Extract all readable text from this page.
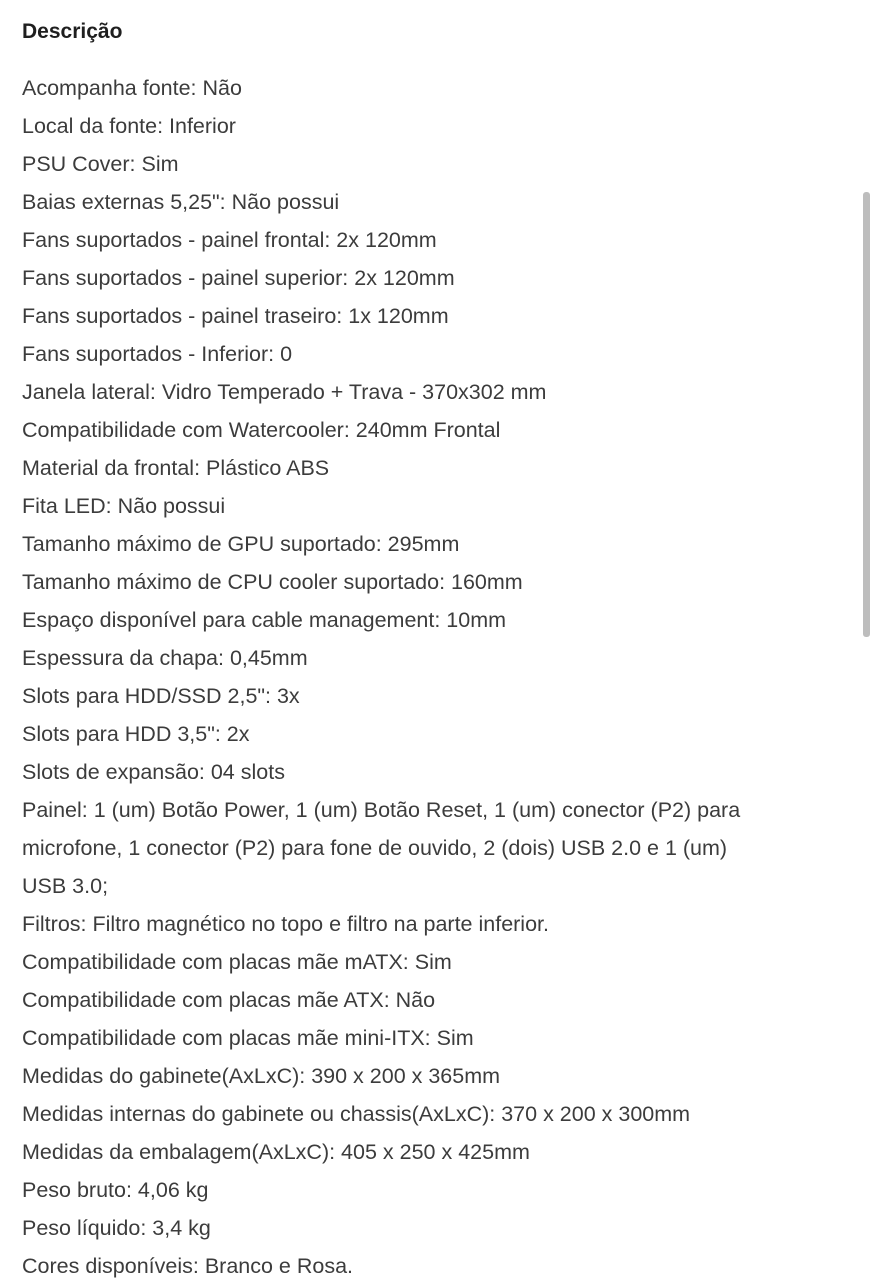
Descrição
Acompanha fonte: Não
Local da fonte: Inferior
PSU Cover: Sim
Baias externas 5,25": Não possui
Fans suportados - painel frontal: 2x 120mm
Fans suportados - painel superior: 2x 120mm
Fans suportados - painel traseiro: 1x 120mm
Fans suportados - Inferior: 0
Janela lateral: Vidro Temperado + Trava - 370x302 mm
Compatibilidade com Watercooler: 240mm Frontal
Material da frontal: Plástico ABS
Fita LED: Não possui
Tamanho máximo de GPU suportado: 295mm
Tamanho máximo de CPU cooler suportado: 160mm
Espaço disponível para cable management: 10mm
Espessura da chapa: 0,45mm
Slots para HDD/SSD 2,5": 3x
Slots para HDD 3,5": 2x
Slots de expansão: 04 slots
Painel: 1 (um) Botão Power, 1 (um) Botão Reset, 1 (um) conector (P2) para
microfone, 1 conector (P2) para fone de ouvido, 2 (dois) USB 2.0 e 1 (um)
USB 3.0;
Filtros: Filtro magnético no topo e filtro na parte inferior.
Compatibilidade com placas mãe mATX: Sim
Compatibilidade com placas mãe ATX: Não
Compatibilidade com placas mãe mini-ITX: Sim
Medidas do gabinete(AxLxC): 390 x 200 x 365mm
Medidas internas do gabinete ou chassis(AxLxC): 370 x 200 x 300mm
Medidas da embalagem(AxLxC): 405 x 250 x 425mm
Peso bruto: 4,06 kg
Peso líquido: 3,4 kg
Cores disponíveis: Branco e Rosa.
